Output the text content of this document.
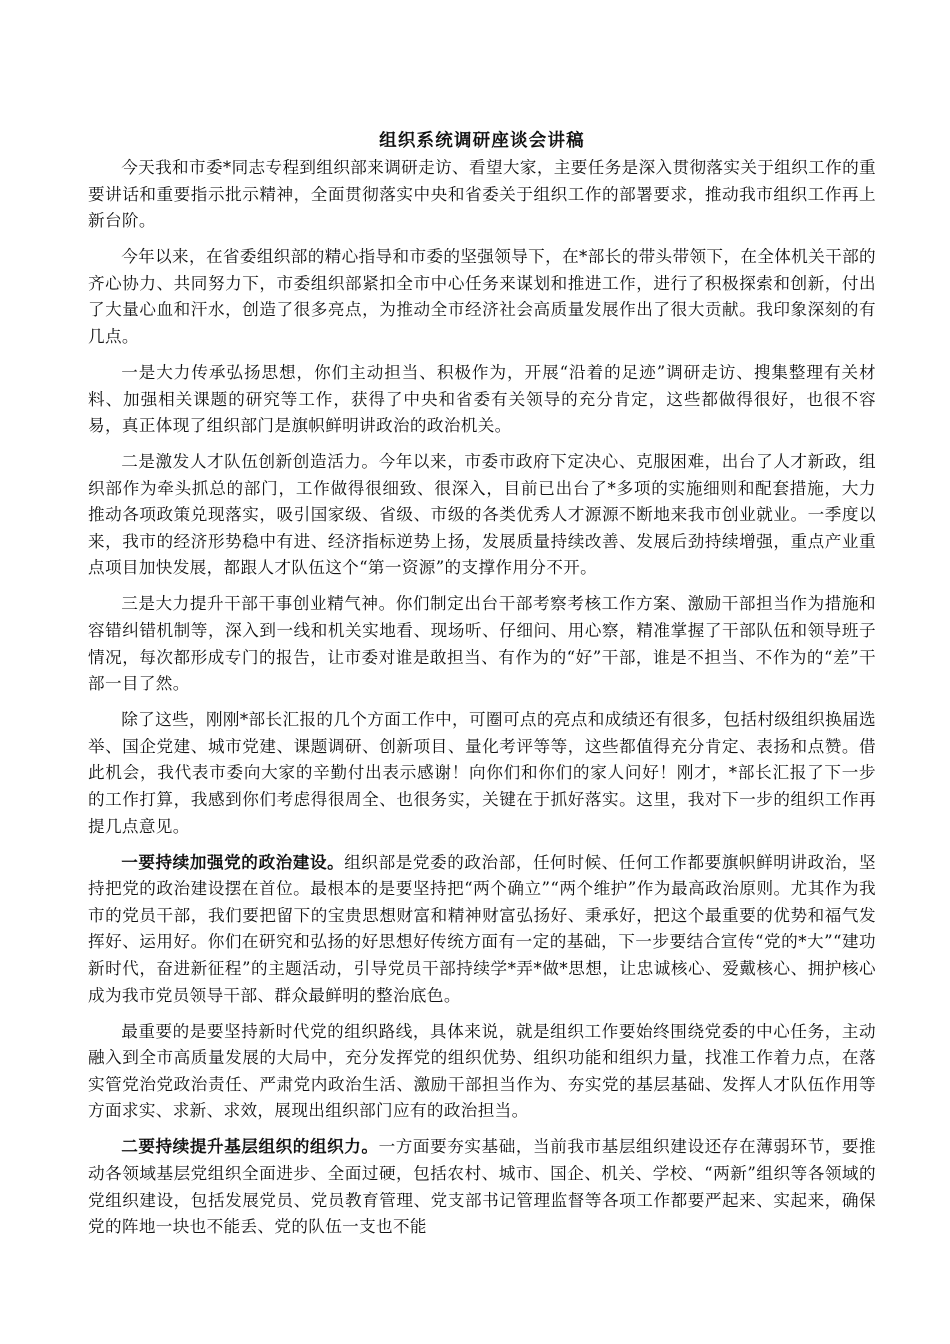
组织系统调研座谈会讲稿

今天我和市委*同志专程到组织部来调研走访、看望大家，主要任务是深入贯彻落实关于组织工作的重要讲话和重要指示批示精神，全面贯彻落实中央和省委关于组织工作的部署要求，推动我市组织工作再上新台阶。

今年以来，在省委组织部的精心指导和市委的坚强领导下，在*部长的带头带领下，在全体机关干部的齐心协力、共同努力下，市委组织部紧扣全市中心任务来谋划和推进工作，进行了积极探索和创新，付出了大量心血和汗水，创造了很多亮点，为推动全市经济社会高质量发展作出了很大贡献。我印象深刻的有几点。

一是大力传承弘扬思想，你们主动担当、积极作为，开展“沿着的足迹”调研走访、搜集整理有关材料、加强相关课题的研究等工作，获得了中央和省委有关领导的充分肯定，这些都做得很好，也很不容易，真正体现了组织部门是旗帜鲜明讲政治的政治机关。

二是激发人才队伍创新创造活力。今年以来，市委市政府下定决心、克服困难，出台了人才新政，组织部作为牵头抓总的部门，工作做得很细致、很深入，目前已出台了*多项的实施细则和配套措施，大力推动各项政策兑现落实，吸引国家级、省级、市级的各类优秀人才源源不断地来我市创业就业。一季度以来，我市的经济形势稳中有进、经济指标逆势上扬，发展质量持续改善、发展后劲持续增强，重点产业重点项目加快发展，都跟人才队伍这个“第一资源”的支撑作用分不开。

三是大力提升干部干事创业精气神。你们制定出台干部考察考核工作方案、激励干部担当作为措施和容错纠错机制等，深入到一线和机关实地看、现场听、仔细问、用心察，精准掌握了干部队伍和领导班子情况，每次都形成专门的报告，让市委对谁是敢担当、有作为的“好”干部，谁是不担当、不作为的“差”干部一目了然。

除了这些，刚刚*部长汇报的几个方面工作中，可圈可点的亮点和成绩还有很多，包括村级组织换届选举、国企党建、城市党建、课题调研、创新项目、量化考评等等，这些都值得充分肯定、表扬和点赞。借此机会，我代表市委向大家的辛勤付出表示感谢！向你们和你们的家人问好！刚才，*部长汇报了下一步的工作打算，我感到你们考虑得很周全、也很务实，关键在于抓好落实。这里，我对下一步的组织工作再提几点意见。

一要持续加强党的政治建设。组织部是党委的政治部，任何时候、任何工作都要旗帜鲜明讲政治，坚持把党的政治建设摆在首位。最根本的是要坚持把“两个确立”“两个维护”作为最高政治原则。尤其作为我市的党员干部，我们要把留下的宝贵思想财富和精神财富弘扬好、秉承好，把这个最重要的优势和福气发挥好、运用好。你们在研究和弘扬的好思想好传统方面有一定的基础，下一步要结合宣传“党的*大”“建功新时代，奋进新征程”的主题活动，引导党员干部持续学*弄*做*思想，让忠诚核心、爱戴核心、拥护核心成为我市党员领导干部、群众最鲜明的整治底色。

最重要的是要坚持新时代党的组织路线，具体来说，就是组织工作要始终围绕党委的中心任务，主动融入到全市高质量发展的大局中，充分发挥党的组织优势、组织功能和组织力量，找准工作着力点，在落实管党治党政治责任、严肃党内政治生活、激励干部担当作为、夯实党的基层基础、发挥人才队伍作用等方面求实、求新、求效，展现出组织部门应有的政治担当。

二要持续提升基层组织的组织力。一方面要夯实基础，当前我市基层组织建设还存在薄弱环节，要推动各领域基层党组织全面进步、全面过硬，包括农村、城市、国企、机关、学校、“两新”组织等各领域的党组织建设，包括发展党员、党员教育管理、党支部书记管理监督等各项工作都要严起来、实起来，确保党的阵地一块也不能丢、党的队伍一支也不能
